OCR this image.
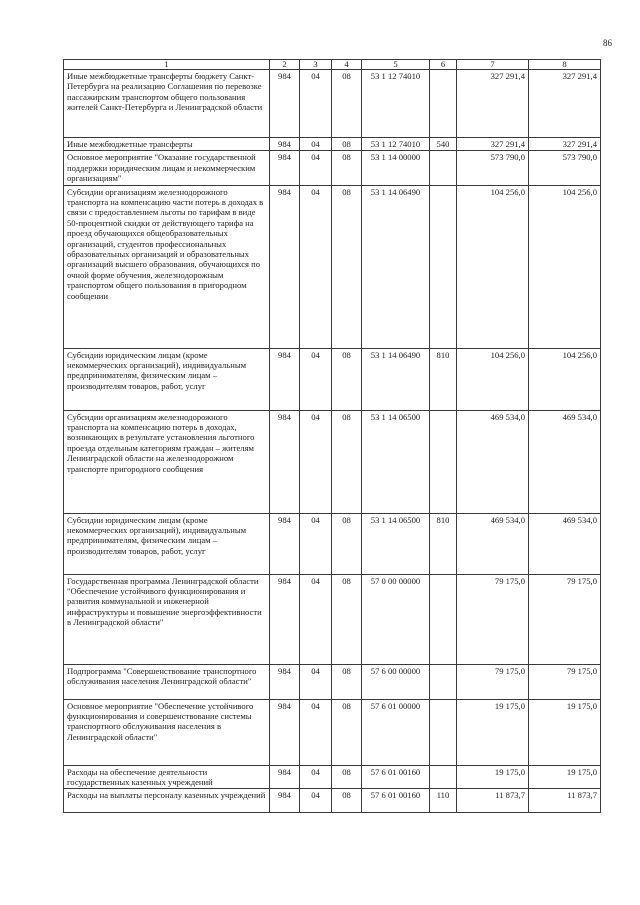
86
1	2	3	4	5	6	7	8
Иные межбюджетные трансферты бюджету Санкт-Петербурга на реализацию Соглашения по перевозке пассажирским транспортом общего пользования жителей Санкт-Петербурга и Ленинградской области	984	04	08	53 1 12 74010		327 291,4	327 291,4
Иные межбюджетные трансферты	984	04	08	53 1 12 74010	540	327 291,4	327 291,4
Основное мероприятие "Оказание государственной поддержки юридическим лицам и некоммерческим организациям"	984	04	08	53 1 14 00000		573 790,0	573 790,0
Субсидии организациям железнодорожного транспорта на компенсацию части потерь в доходах в связи с предоставлением льготы по тарифам в виде 50-процентной скидки от действующего тарифа на проезд обучающихся общеобразовательных организаций, студентов профессиональных образовательных организаций и образовательных организаций высшего образования, обучающихся по очной форме обучения, железнодорожным транспортом общего пользования в пригородном сообщении	984	04	08	53 1 14 06490		104 256,0	104 256,0
Субсидии юридическим лицам (кроме некоммерческих организаций), индивидуальным предпринимателям, физическим лицам – производителям товаров, работ, услуг	984	04	08	53 1 14 06490	810	104 256,0	104 256,0
Субсидии организациям железнодорожного транспорта на компенсацию потерь в доходах, возникающих в результате установления льготного проезда отдельным категориям граждан – жителям Ленинградской области на железнодорожном транспорте пригородного сообщения	984	04	08	53 1 14 06500		469 534,0	469 534,0
Субсидии юридическим лицам (кроме некоммерческих организаций), индивидуальным предпринимателям, физическим лицам – производителям товаров, работ, услуг	984	04	08	53 1 14 06500	810	469 534,0	469 534,0
Государственная программа Ленинградской области "Обеспечение устойчивого функционирования и развития коммунальной и инженерной инфраструктуры и повышение энергоэффективности в Ленинградской области"	984	04	08	57 0 00 00000		79 175,0	79 175,0
Подпрограмма "Совершенствование транспортного обслуживания населения Ленинградской области"	984	04	08	57 6 00 00000		79 175,0	79 175,0
Основное мероприятие "Обеспечение устойчивого функционирования и совершенствование системы транспортного обслуживания населения в Ленинградской области"	984	04	08	57 6 01 00000		19 175,0	19 175,0
Расходы на обеспечение деятельности государственных казенных учреждений	984	04	08	57 6 01 00160		19 175,0	19 175,0
Расходы на выплаты персоналу казенных учреждений	984	04	08	57 6 01 00160	110	11 873,7	11 873,7
